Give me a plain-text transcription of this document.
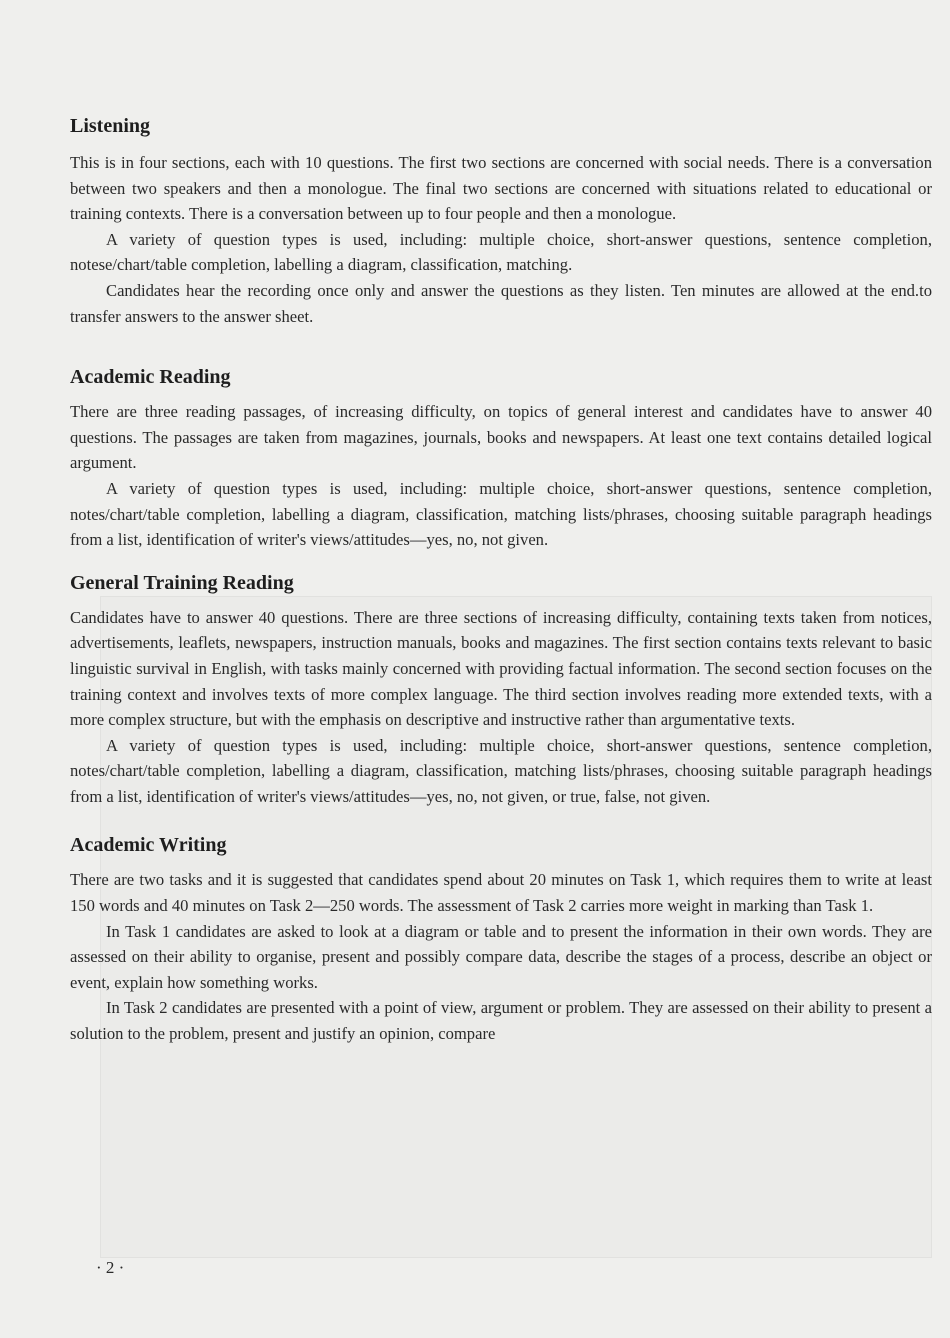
Listening

This is in four sections, each with 10 questions. The first two sections are concerned with social needs. There is a conversation between two speakers and then a monologue. The final two sections are concerned with situations related to educational or training contexts. There is a conversation between up to four people and then a monologue.

A variety of question types is used, including: multiple choice, short-answer questions, sentence completion, notese/chart/table completion, labelling a diagram, classification, matching.

Candidates hear the recording once only and answer the questions as they listen. Ten minutes are allowed at the end.to transfer answers to the answer sheet.

Academic Reading

There are three reading passages, of increasing difficulty, on topics of general interest and candidates have to answer 40 questions. The passages are taken from magazines, journals, books and newspapers. At least one text contains detailed logical argument.

A variety of question types is used, including: multiple choice, short-answer questions, sentence completion, notes/chart/table completion, labelling a diagram, classification, matching lists/phrases, choosing suitable paragraph headings from a list, identification of writer's views/attitudes—yes, no, not given.

General Training Reading

Candidates have to answer 40 questions. There are three sections of increasing difficulty, containing texts taken from notices, advertisements, leaflets, newspapers, instruction manuals, books and magazines. The first section contains texts relevant to basic linguistic survival in English, with tasks mainly concerned with providing factual information. The second section focuses on the training context and involves texts of more complex language. The third section involves reading more extended texts, with a more complex structure, but with the emphasis on descriptive and instructive rather than argumentative texts.

A variety of question types is used, including: multiple choice, short-answer questions, sentence completion, notes/chart/table completion, labelling a diagram, classification, matching lists/phrases, choosing suitable paragraph headings from a list, identification of writer's views/attitudes—yes, no, not given, or true, false, not given.

Academic Writing

There are two tasks and it is suggested that candidates spend about 20 minutes on Task 1, which requires them to write at least 150 words and 40 minutes on Task 2—250 words. The assessment of Task 2 carries more weight in marking than Task 1.

In Task 1 candidates are asked to look at a diagram or table and to present the information in their own words. They are assessed on their ability to organise, present and possibly compare data, describe the stages of a process, describe an object or event, explain how something works.

In Task 2 candidates are presented with a point of view, argument or problem. They are assessed on their ability to present a solution to the problem, present and justify an opinion, compare

· 2 ·
